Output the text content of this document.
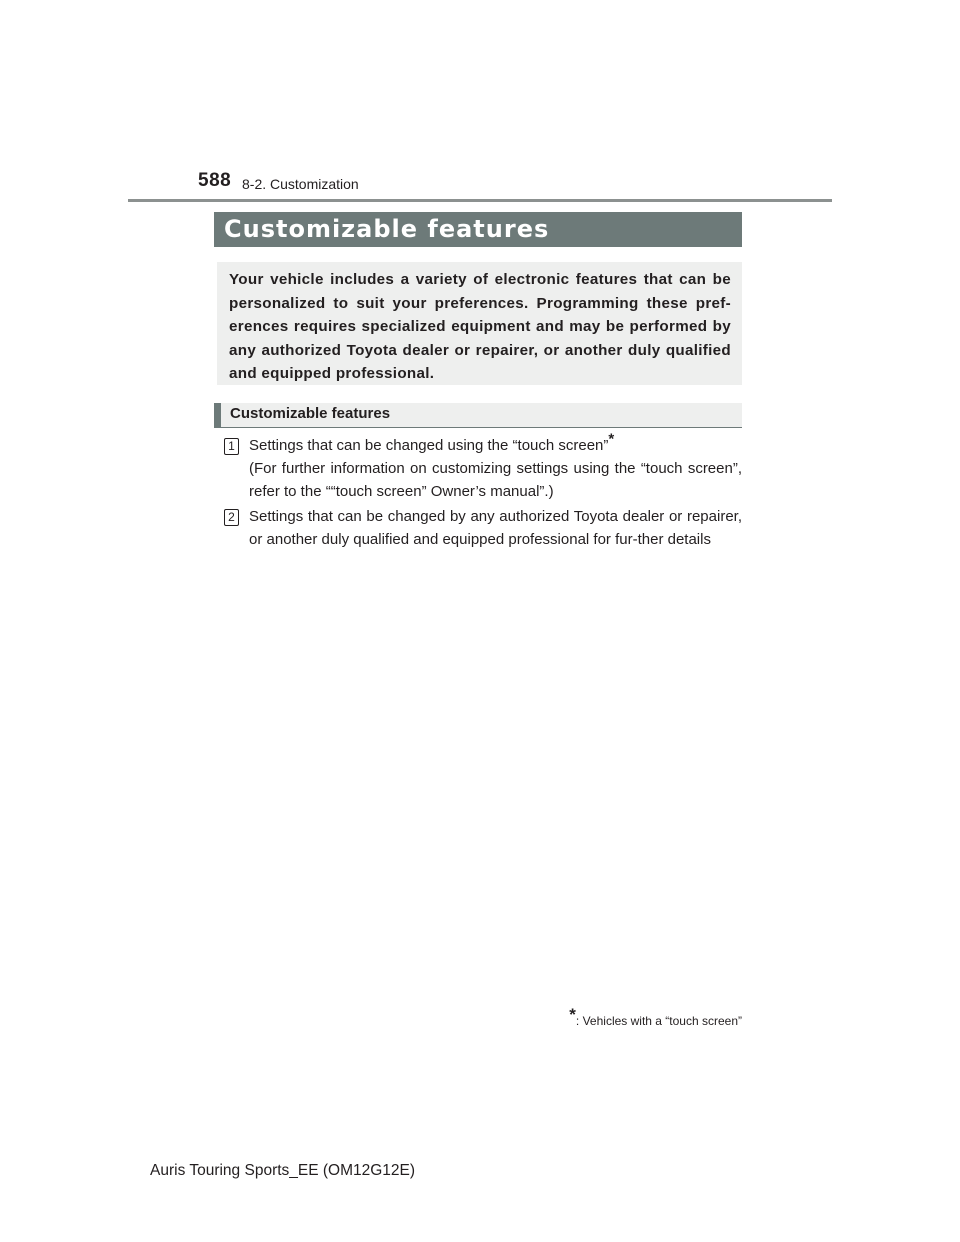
588 8-2. Customization
Customizable features
Your vehicle includes a variety of electronic features that can be personalized to suit your preferences. Programming these pref-erences requires specialized equipment and may be performed by any authorized Toyota dealer or repairer, or another duly qualified and equipped professional.
Customizable features
1 Settings that can be changed using the “touch screen”*
(For further information on customizing settings using the “touch screen”, refer to the ““touch screen” Owner’s manual”.)
2 Settings that can be changed by any authorized Toyota dealer or repairer, or another duly qualified and equipped professional for fur-ther details
*: Vehicles with a “touch screen”
Auris Touring Sports_EE (OM12G12E)
